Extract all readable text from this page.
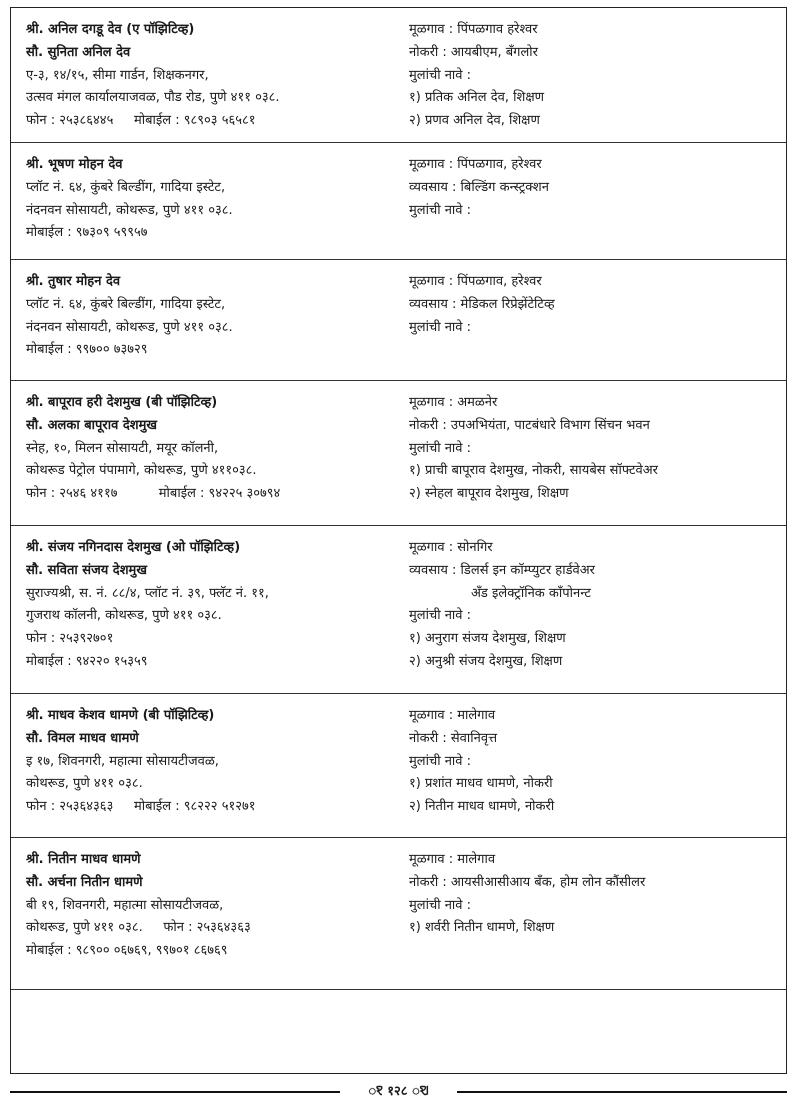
श्री. अनिल दगडू देव (ए पॉझिटिव्ह)
सौ. सुनिता अनिल देव
ए-३, १४/१५, सीमा गार्डन, शिक्षकनगर,
उत्सव मंगल कार्यालयाजवळ, पौड रोड, पुणे ४११ ०३८.
फोन : २५३८६४४५     मोबाईल : ९८९०३ ५६५८१
मूळगाव : पिंपळगाव हरेश्वर
नोकरी : आयबीएम, बँगलोर
मुलांची नावे :
१) प्रतिक अनिल देव, शिक्षण
२) प्रणव अनिल देव, शिक्षण
श्री. भूषण मोहन देव
प्लॉट नं. ६४, कुंबरे बिल्डींग, गादिया इस्टेट,
नंदनवन सोसायटी, कोथरूड, पुणे ४११ ०३८.
मोबाईल : ९७३०९ ५९९५७
मूळगाव : पिंपळगाव, हरेश्वर
व्यवसाय : बिल्डिंग कन्स्ट्रक्शन
मुलांची नावे :
श्री. तुषार मोहन देव
प्लॉट नं. ६४, कुंबरे बिल्डींग, गादिया इस्टेट,
नंदनवन सोसायटी, कोथरूड, पुणे ४११ ०३८.
मोबाईल : ९९७०० ७३७२९
मूळगाव : पिंपळगाव, हरेश्वर
व्यवसाय : मेडिकल रिप्रेझेंटेटिव्ह
मुलांची नावे :
श्री. बापूराव हरी देशमुख (बी पॉझिटिव्ह)
सौ. अलका बापूराव देशमुख
स्नेह, १०, मिलन सोसायटी, मयूर कॉलनी,
कोथरूड पेट्रोल पंपामागे, कोथरूड, पुणे ४११०३८.
फोन : २५४६ ४११७          मोबाईल : ९४२२५ ३०७९४
मूळगाव : अमळनेर
नोकरी : उपअभियंता, पाटबंधारे विभाग सिंचन भवन
मुलांची नावे :
१) प्राची बापूराव देशमुख, नोकरी, सायबेस सॉफ्टवेअर
२) स्नेहल बापूराव देशमुख, शिक्षण
श्री. संजय नगिनदास देशमुख (ओ पॉझिटिव्ह)
सौ. सविता संजय देशमुख
सुराज्यश्री, स. नं. ८८/४, प्लॉट नं. ३९, फ्लॅट नं. ११,
गुजराथ कॉलनी, कोथरूड, पुणे ४११ ०३८.
फोन : २५३९२७०१
मोबाईल : ९४२२० १५३५९
मूळगाव : सोनगिर
व्यवसाय : डिलर्स इन कॉम्प्युटर हार्डवेअर
अँड इलेक्ट्रॉनिक कॉंपोनन्ट
मुलांची नावे :
१) अनुराग संजय देशमुख, शिक्षण
२) अनुश्री संजय देशमुख, शिक्षण
श्री. माधव केशव धामणे (बी पॉझिटिव्ह)
सौ. विमल माधव धामणे
इ १७, शिवनगरी, महात्मा सोसायटीजवळ,
कोथरूड, पुणे ४११ ०३८.
फोन : २५३६४३६३     मोबाईल : ९८२२२ ५१२७१
मूळगाव : मालेगाव
नोकरी : सेवानिवृत्त
मुलांची नावे :
१) प्रशांत माधव धामणे, नोकरी
२) नितीन माधव धामणे, नोकरी
श्री. नितीन माधव धामणे
सौ. अर्चना नितीन धामणे
बी १९, शिवनगरी, महात्मा सोसायटीजवळ,
कोथरूड, पुणे ४११ ०३८.     फोन : २५३६४३६३
मोबाईल : ९८९०० ०६७६९, ९९७०१ ८६७६९
मूळगाव : मालेगाव
नोकरी : आयसीआसीआय बँक, होम लोन कौंसीलर
मुलांची नावे :
१) शर्वरी नितीन धामणे, शिक्षण
ꣁ १२८ ꣂ
